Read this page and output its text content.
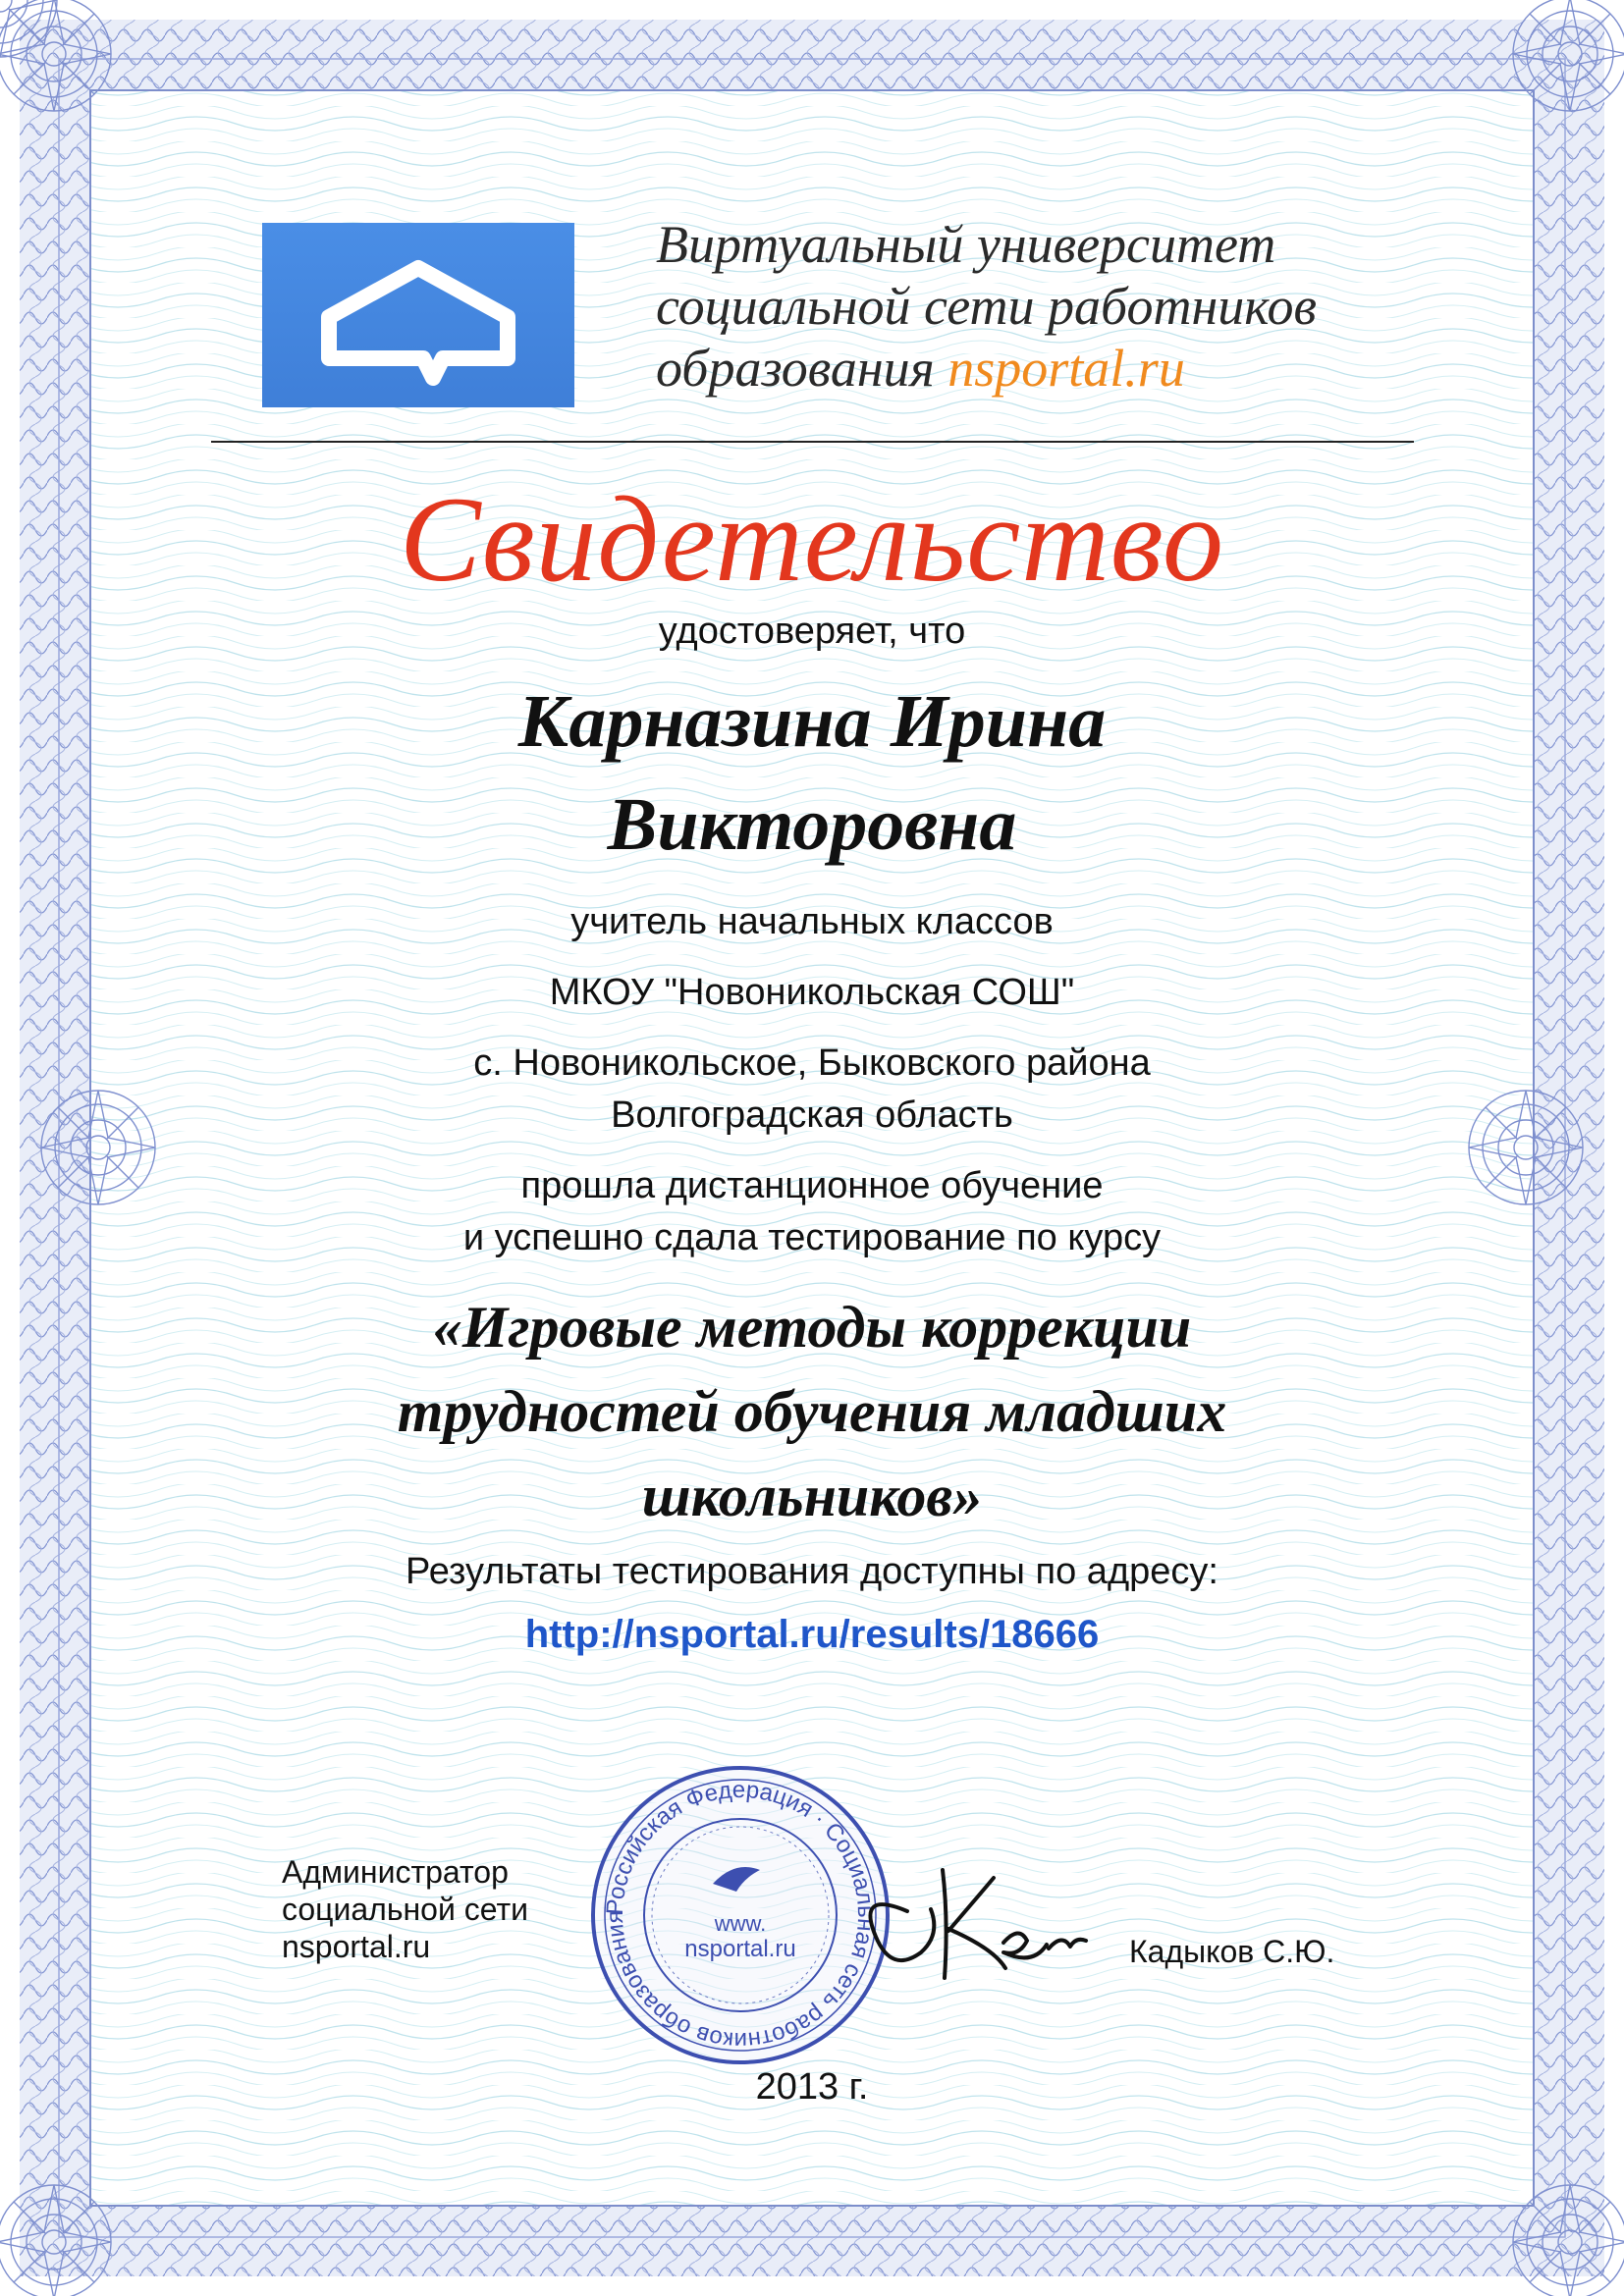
Виртуальный университет
социальной сети работников
образования nsportal.ru
Свидетельство
удостоверяет, что
Карназина Ирина
Викторовна
учитель начальных классов
МКОУ "Новоникольская СОШ"
с. Новоникольское, Быковского района
Волгоградская область
прошла дистанционное обучение
и успешно сдала тестирование по курсу
«Игровые методы коррекции
трудностей обучения младших
школьников»
Результаты тестирования доступны по адресу:
http://nsportal.ru/results/18666
Администратор
социальной сети
nsportal.ru
Российская Федерация · Социальная сеть работников образования	www.
nsportal.ru	Кадыков С.Ю.
2013 г.
